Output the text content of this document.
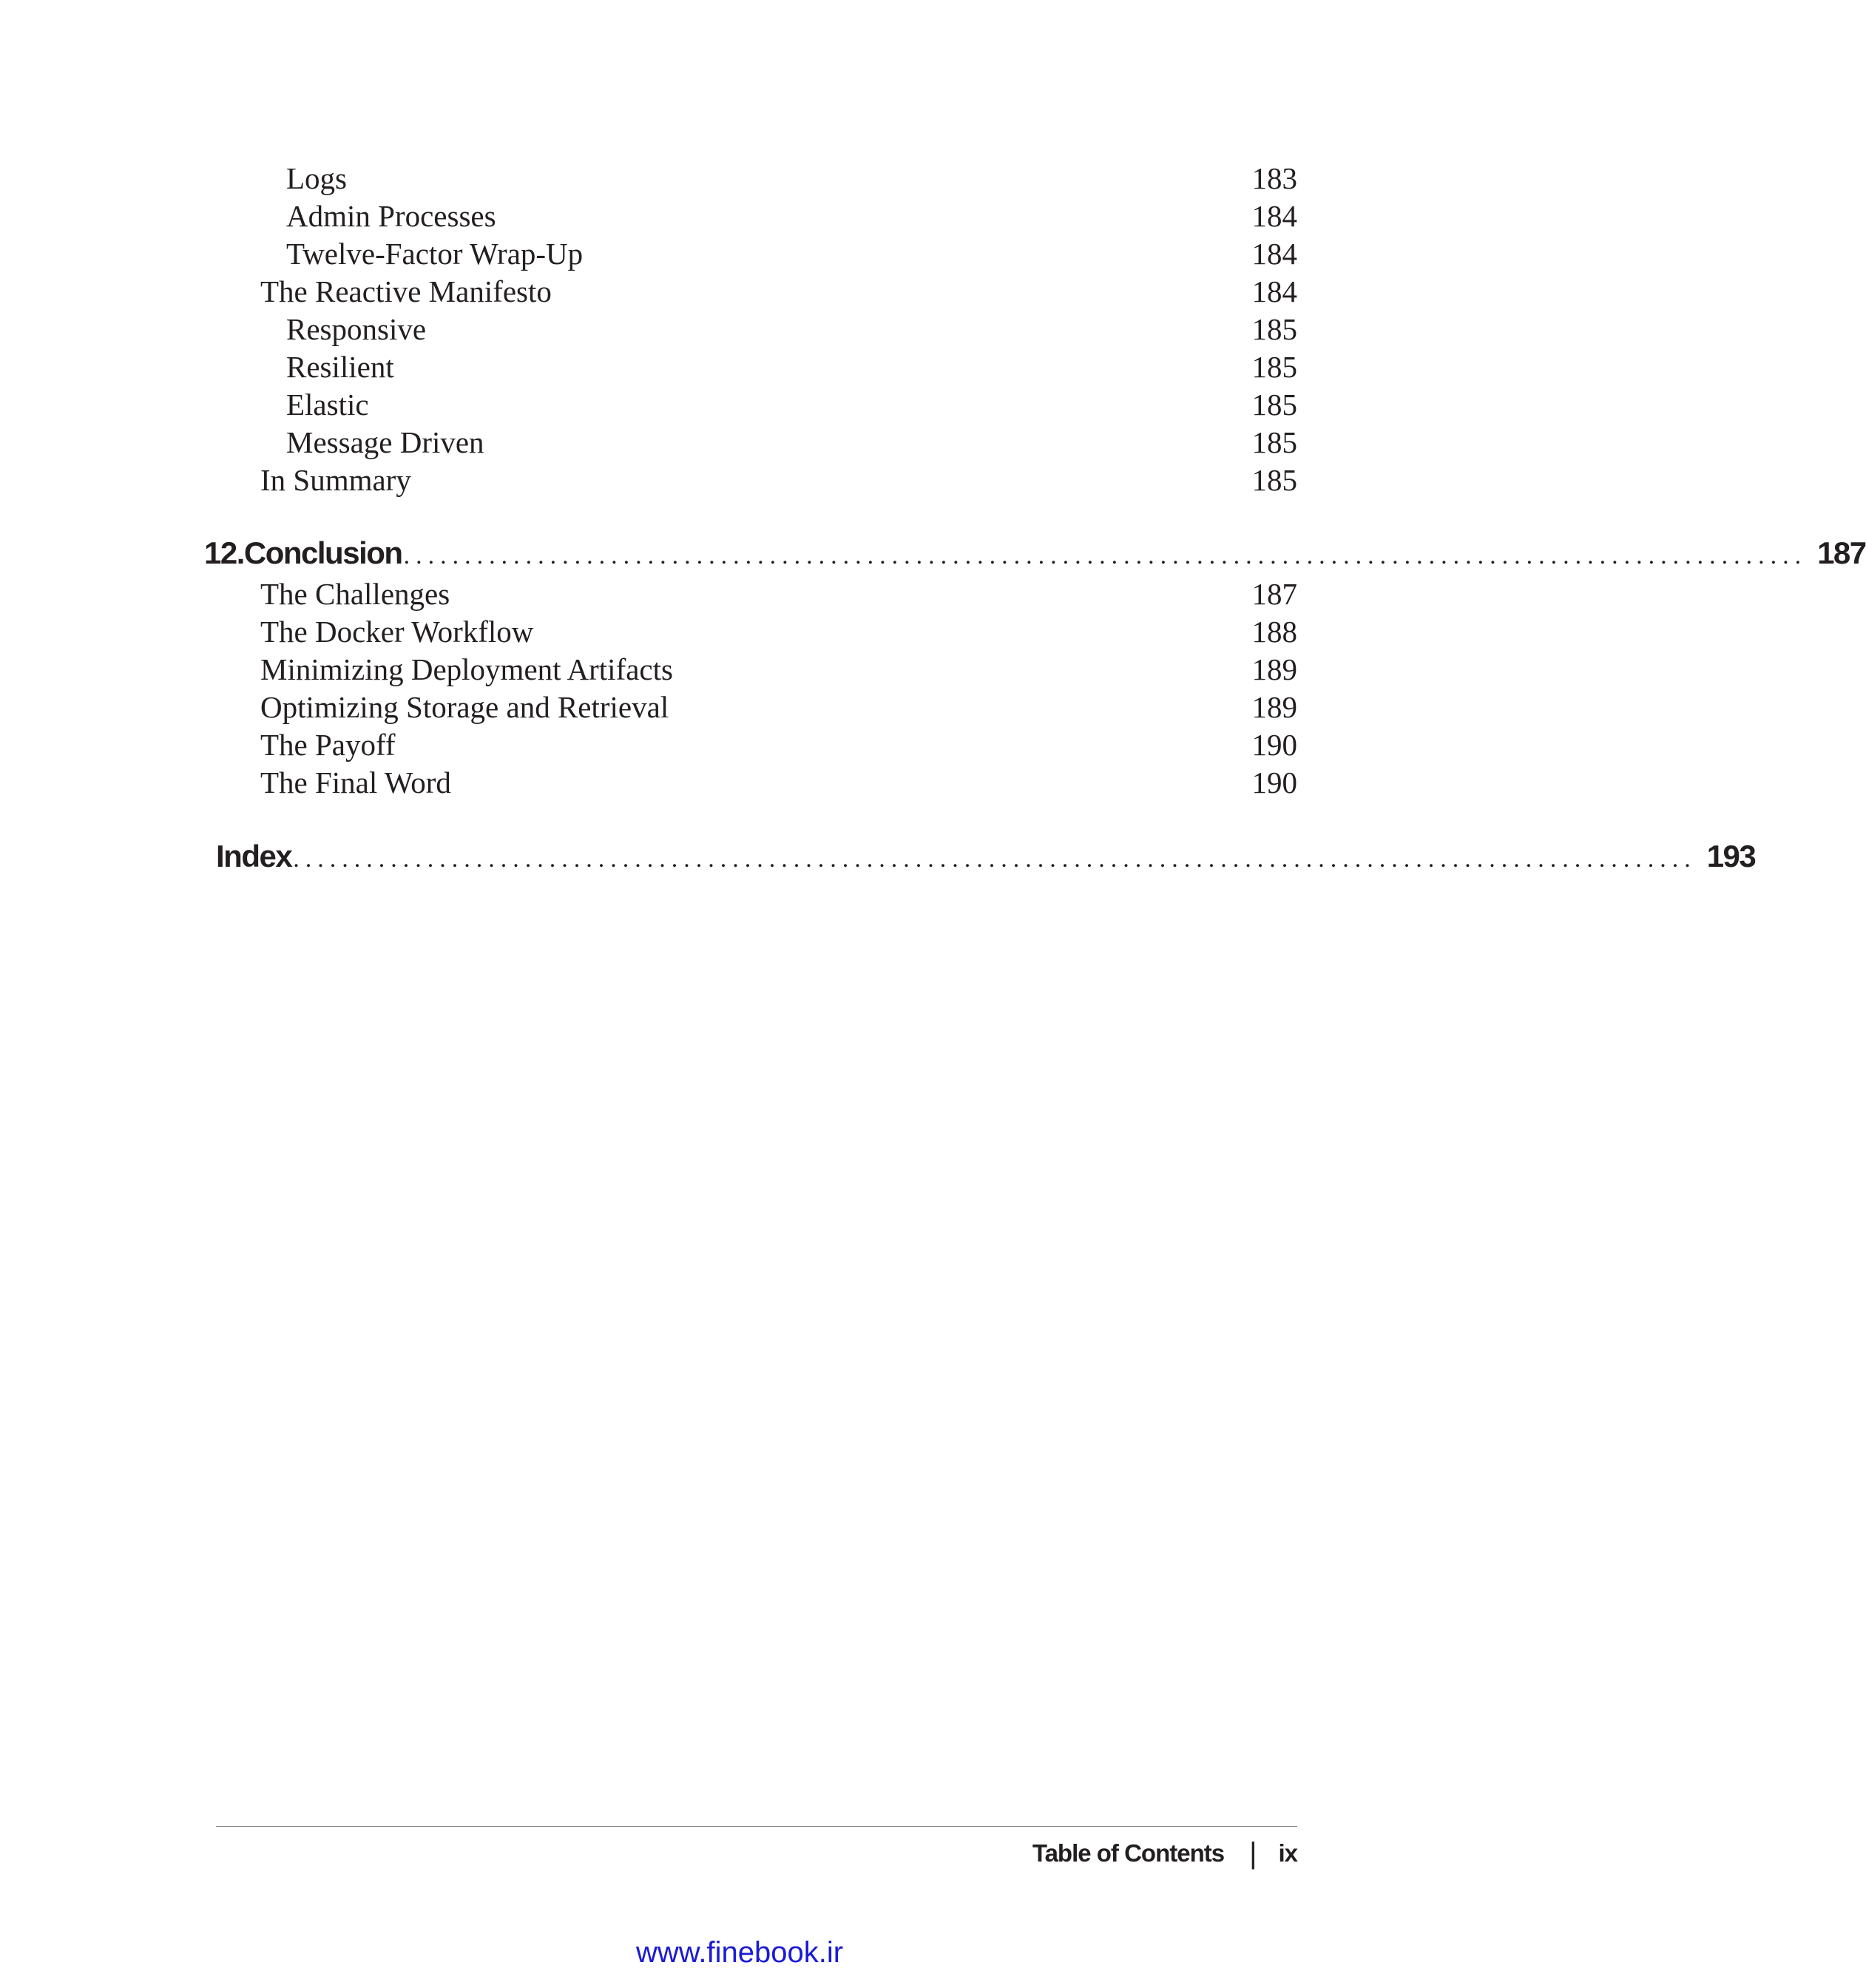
Logs	183
Admin Processes	184
Twelve-Factor Wrap-Up	184
The Reactive Manifesto	184
Responsive	185
Resilient	185
Elastic	185
Message Driven	185
In Summary	185
12. Conclusion ................................................................................................................... 187
The Challenges	187
The Docker Workflow	188
Minimizing Deployment Artifacts	189
Optimizing Storage and Retrieval	189
The Payoff	190
The Final Word	190
Index ................................................................................................................... 193
Table of Contents | ix
www.finebook.ir
